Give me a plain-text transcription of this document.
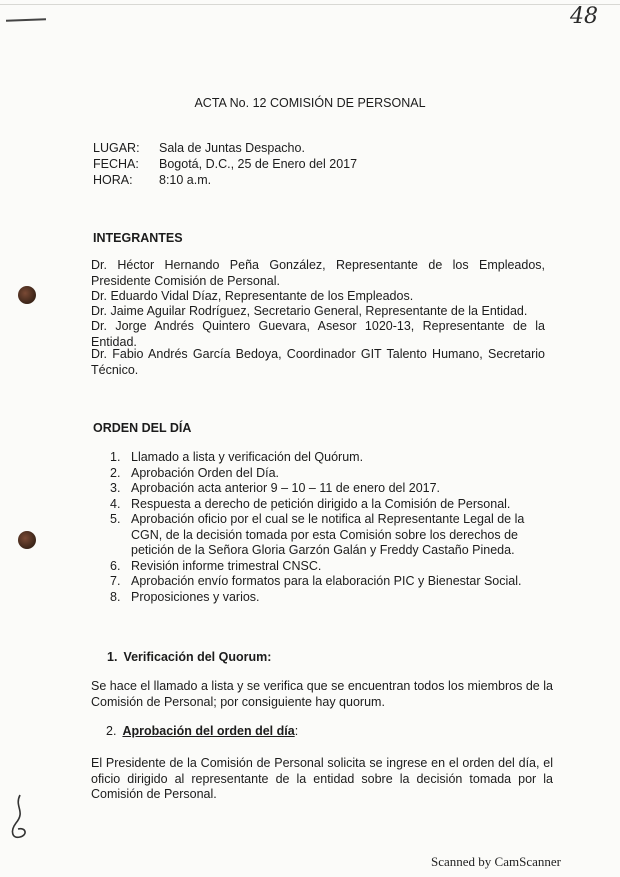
48
ACTA No. 12 COMISIÓN DE PERSONAL
LUGAR: Sala de Juntas Despacho.
FECHA: Bogotá, D.C., 25 de Enero del 2017
HORA: 8:10 a.m.
INTEGRANTES

Dr. Héctor Hernando Peña González, Representante de los Empleados, Presidente Comisión de Personal.

Dr. Eduardo Vidal Díaz, Representante de los Empleados.

Dr. Jaime Aguilar Rodríguez, Secretario General, Representante de la Entidad.

Dr. Jorge Andrés Quintero Guevara, Asesor 1020-13, Representante de la Entidad.

Dr. Fabio Andrés García Bedoya, Coordinador GIT Talento Humano, Secretario Técnico.

ORDEN DEL DÍA
1. Llamado a lista y verificación del Quórum.
2. Aprobación Orden del Día.
3. Aprobación acta anterior 9 – 10 – 11 de enero del 2017.
4. Respuesta a derecho de petición dirigido a la Comisión de Personal.
5. Aprobación oficio por el cual se le notifica al Representante Legal de la CGN, de la decisión tomada por esta Comisión sobre los derechos de petición de la Señora Gloria Garzón Galán y Freddy Castaño Pineda.
6. Revisión informe trimestral CNSC.
7. Aprobación envío formatos para la elaboración PIC y Bienestar Social.
8. Proposiciones y varios.
1. Verificación del Quorum:

Se hace el llamado a lista y se verifica que se encuentran todos los miembros de la Comisión de Personal; por consiguiente hay quorum.

2. Aprobación del orden del día:

El Presidente de la Comisión de Personal solicita se ingrese en el orden del día, el oficio dirigido al representante de la entidad sobre la decisión tomada por la Comisión de Personal.

Scanned by CamScanner
